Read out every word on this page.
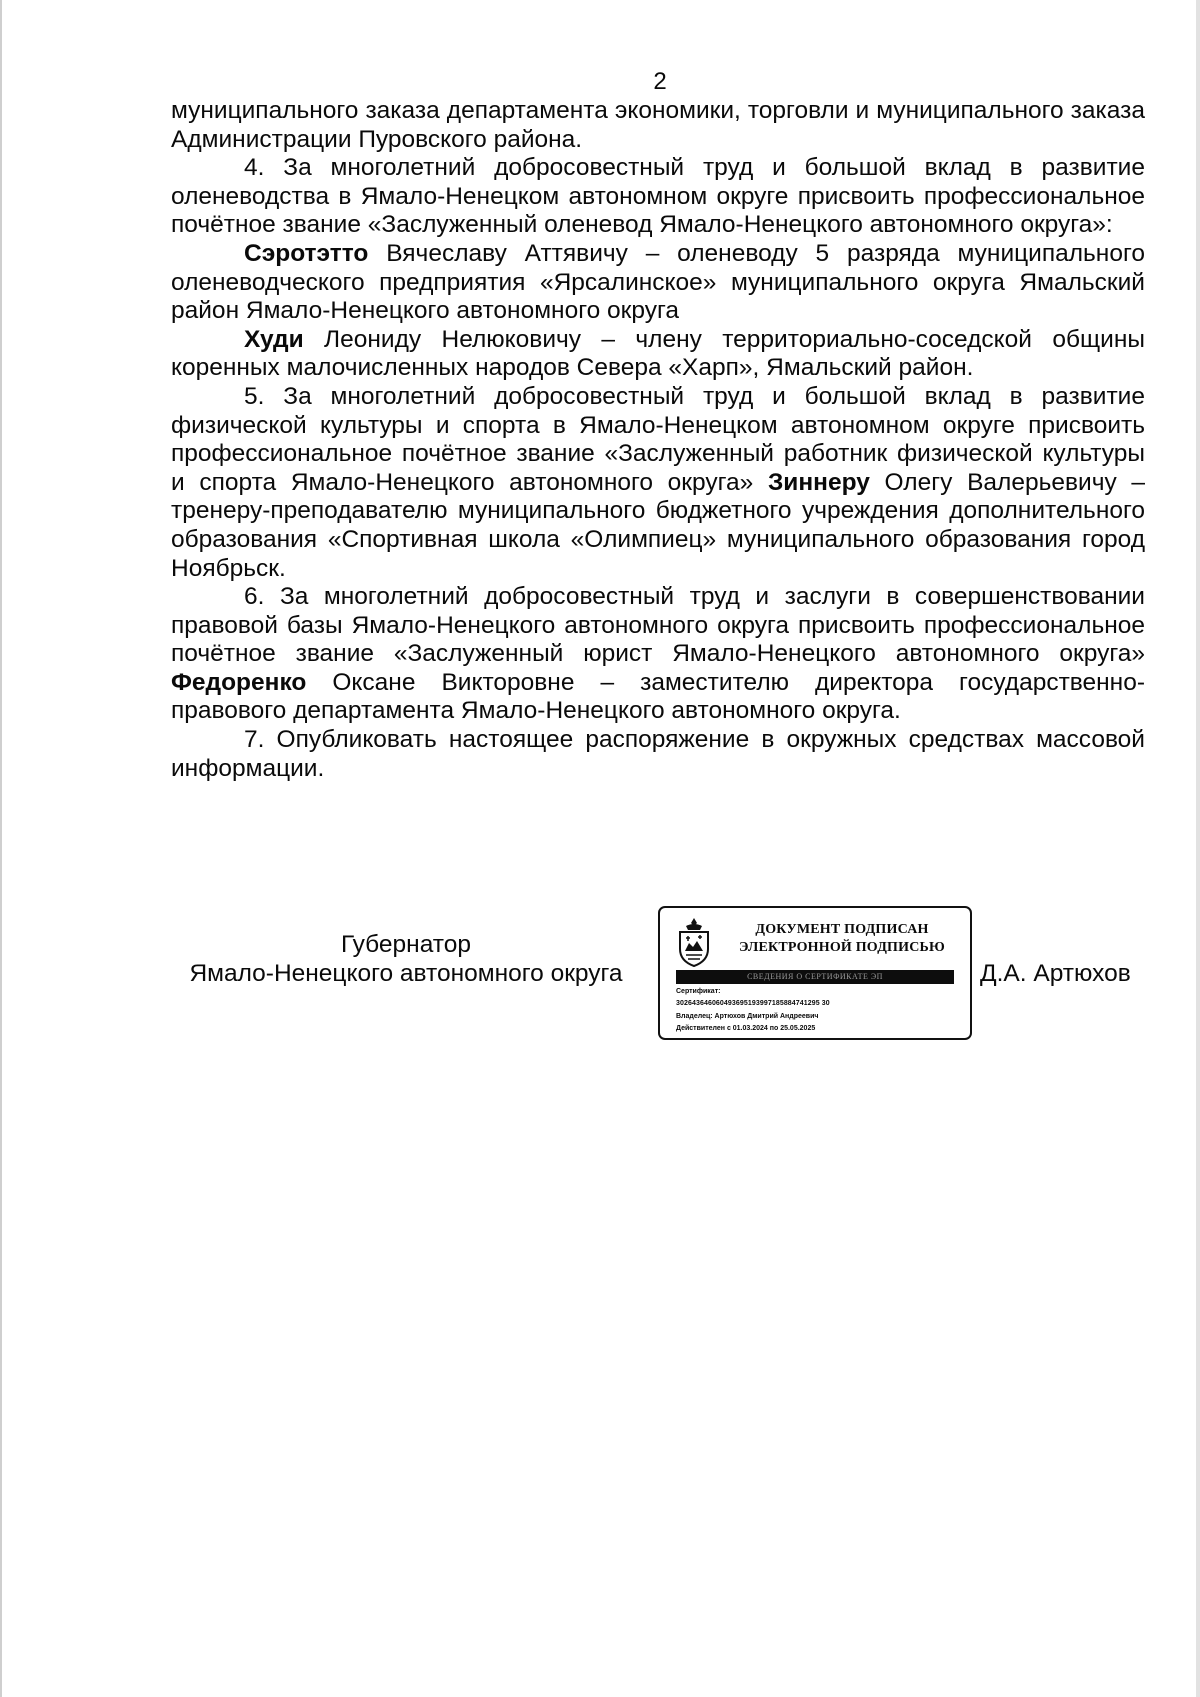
2

муниципального заказа департамента экономики, торговли и муниципального заказа Администрации Пуровского района.

4. За многолетний добросовестный труд и большой вклад в развитие оленеводства в Ямало-Ненецком автономном округе присвоить профессиональное почётное звание «Заслуженный оленевод Ямало-Ненецкого автономного округа»:

Сэротэтто Вячеславу Аттявичу – оленеводу 5 разряда муниципального оленеводческого предприятия «Ярсалинское» муниципального округа Ямальский район Ямало-Ненецкого автономного округа

Худи Леониду Нелюковичу – члену территориально-соседской общины коренных малочисленных народов Севера «Харп», Ямальский район.

5. За многолетний добросовестный труд и большой вклад в развитие физической культуры и спорта в Ямало-Ненецком автономном округе присвоить профессиональное почётное звание «Заслуженный работник физической культуры и спорта Ямало-Ненецкого автономного округа» Зиннеру Олегу Валерьевичу – тренеру-преподавателю муниципального бюджетного учреждения дополнительного образования «Спортивная школа «Олимпиец» муниципального образования город Ноябрьск.

6. За многолетний добросовестный труд и заслуги в совершенствовании правовой базы Ямало-Ненецкого автономного округа присвоить профессиональное почётное звание «Заслуженный юрист Ямало-Ненецкого автономного округа» Федоренко Оксане Викторовне – заместителю директора государственно-правового департамента Ямало-Ненецкого автономного округа.

7. Опубликовать настоящее распоряжение в окружных средствах массовой информации.

Губернатор
Ямало-Ненецкого автономного округа
ДОКУМЕНТ ПОДПИСАН
ЭЛЕКТРОННОЙ ПОДПИСЬЮ
СВЕДЕНИЯ О СЕРТИФИКАТЕ ЭП
Сертификат:
302643646060493695193997185884741295 30
Владелец: Артюхов Дмитрий Андреевич
Действителен с 01.03.2024 по 25.05.2025
Д.А. Артюхов
